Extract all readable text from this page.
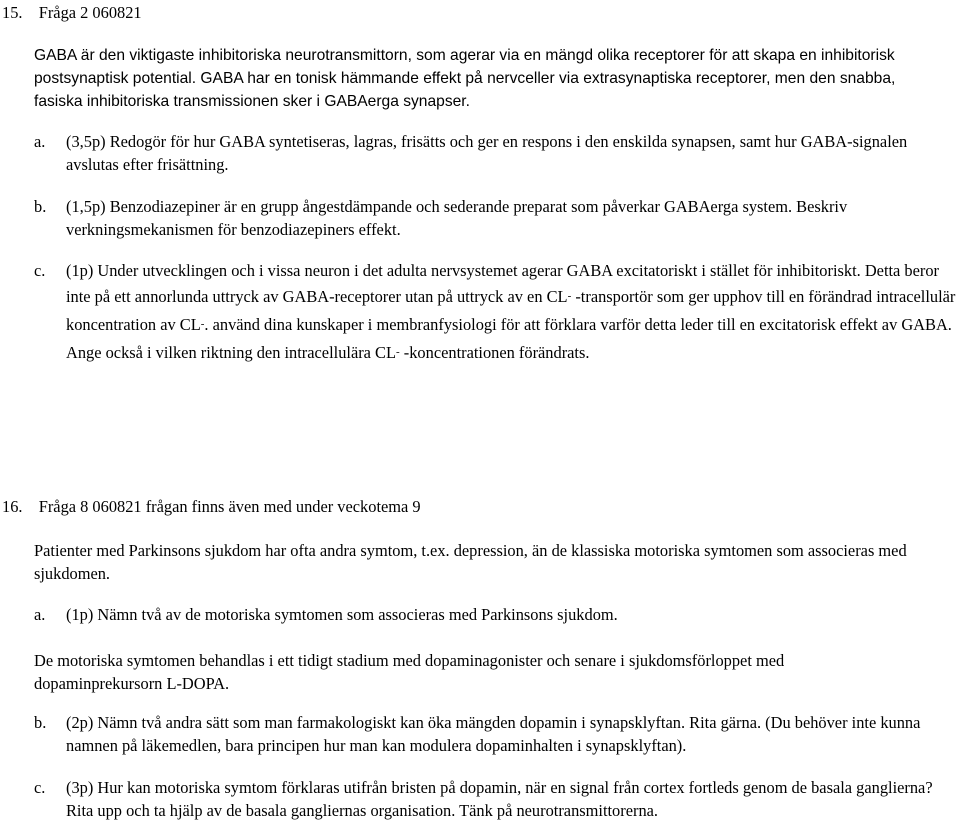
15. Fråga 2 060821

GABA är den viktigaste inhibitoriska neurotransmittorn, som agerar via en mängd olika receptorer för att skapa en inhibitorisk postsynaptisk potential. GABA har en tonisk hämmande effekt på nervceller via extrasynaptiska receptorer, men den snabba, fasiska inhibitoriska transmissionen sker i GABAerga synapser.

a. (3,5p) Redogör för hur GABA syntetiseras, lagras, frisätts och ger en respons i den enskilda synapsen, samt hur GABA-signalen avslutas efter frisättning.
b. (1,5p) Benzodiazepiner är en grupp ångestdämpande och sederande preparat som påverkar GABAerga system. Beskriv verkningsmekanismen för benzodiazepiners effekt.
c. (1p) Under utvecklingen och i vissa neuron i det adulta nervsystemet agerar GABA excitatoriskt i stället för inhibitoriskt. Detta beror inte på ett annorlunda uttryck av GABA-receptorer utan på uttryck av en CL- -transportör som ger upphov till en förändrad intracellulär koncentration av CL-. använd dina kunskaper i membranfysiologi för att förklara varför detta leder till en excitatorisk effekt av GABA. Ange också i vilken riktning den intracellulära CL- -koncentrationen förändrats.
16. Fråga 8 060821 frågan finns även med under veckotema 9

Patienter med Parkinsons sjukdom har ofta andra symtom, t.ex. depression, än de klassiska motoriska symtomen som associeras med sjukdomen.

a. (1p) Nämn två av de motoriska symtomen som associeras med Parkinsons sjukdom.

De motoriska symtomen behandlas i ett tidigt stadium med dopaminagonister och senare i sjukdomsförloppet med dopaminprekursorn L-DOPA.

b. (2p) Nämn två andra sätt som man farmakologiskt kan öka mängden dopamin i synapsklyftan. Rita gärna. (Du behöver inte kunna namnen på läkemedlen, bara principen hur man kan modulera dopaminhalten i synapsklyftan).
c. (3p) Hur kan motoriska symtom förklaras utifrån bristen på dopamin, när en signal från cortex fortleds genom de basala ganglierna? Rita upp och ta hjälp av de basala gangliernas organisation. Tänk på neurotransmittorerna.
